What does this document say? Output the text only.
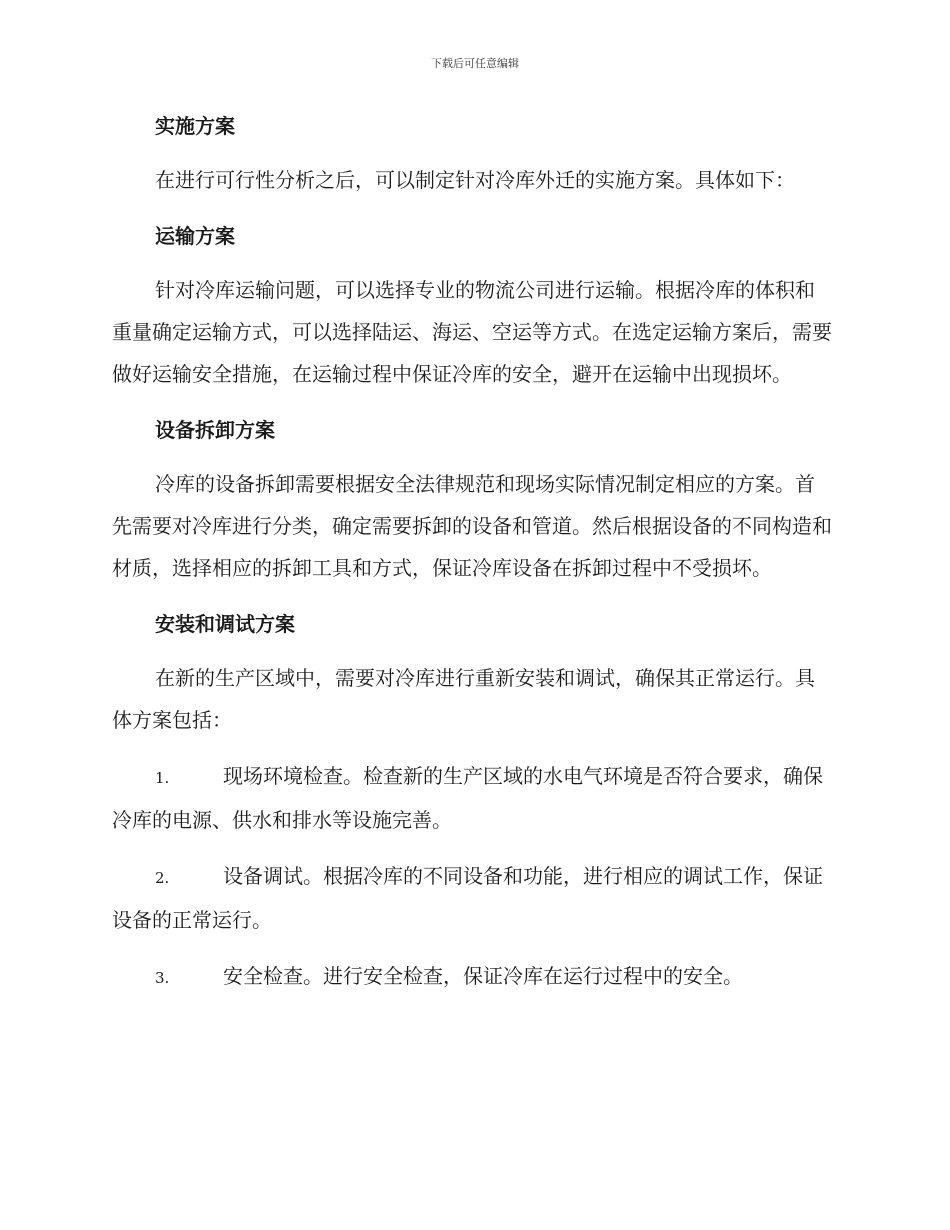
下载后可任意编辑
实施方案

在进行可行性分析之后，可以制定针对冷库外迁的实施方案。具体如下：

运输方案

针对冷库运输问题，可以选择专业的物流公司进行运输。根据冷库的体积和重量确定运输方式，可以选择陆运、海运、空运等方式。在选定运输方案后，需要做好运输安全措施，在运输过程中保证冷库的安全，避开在运输中出现损坏。

设备拆卸方案

冷库的设备拆卸需要根据安全法律规范和现场实际情况制定相应的方案。首先需要对冷库进行分类，确定需要拆卸的设备和管道。然后根据设备的不同构造和材质，选择相应的拆卸工具和方式，保证冷库设备在拆卸过程中不受损坏。

安装和调试方案

在新的生产区域中，需要对冷库进行重新安装和调试，确保其正常运行。具体方案包括：

1.	现场环境检查。检查新的生产区域的水电气环境是否符合要求，确保冷库的电源、供水和排水等设施完善。

2.	设备调试。根据冷库的不同设备和功能，进行相应的调试工作，保证设备的正常运行。

3.	安全检查。进行安全检查，保证冷库在运行过程中的安全。
